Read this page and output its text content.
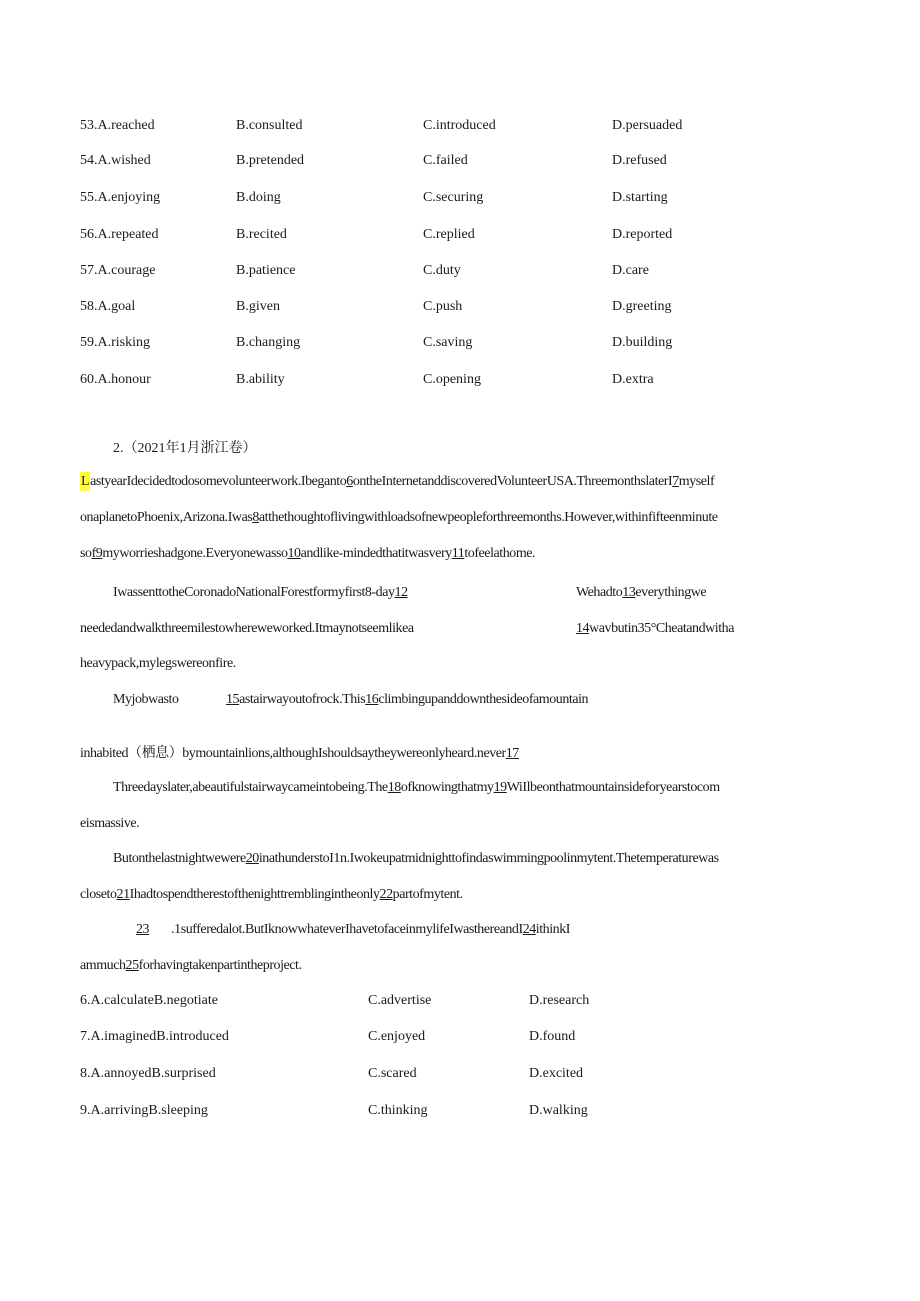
53.A.reached	B.consulted	C.introduced	D.persuaded
54.A.wished	B.pretended	C.failed	D.refused
55.A.enjoying	B.doing	C.securing	D.starting
56.A.repeated	B.recited	C.replied	D.reported
57.A.courage	B.patience	C.duty	D.care
58.A.goal	B.given	C.push	D.greeting
59.A.risking	B.changing	C.saving	D.building
60.A.honour	B.ability	C.opening	D.extra
2.（2021年1月浙江卷）
LastyearIdecidedtodosomevolunteerwork.Ibeganto6ontheInternetanddiscoveredVolunteerUSA.ThreemonthslaterI7myself
onaplanetoPhoenix,Arizona.Iwas8atthethoughtoflivingwithloadsofnewpeopleforthreemonths.However,withinfifteenminute
sof9myworrieshadgone.Everyonewasso10andlike-mindedthatitwasvery11tofeelathome.
IwassenttotheCoronadoNationalForestformyfirst8-day12	Wehadto13everythingwe
neededandwalkthreemilestowhereweworked.Itmaynotseemlikea	14wavbutin35°Cheatandwitha
heavypack,mylegswereonfire.
Myjobwasto	15astairwayoutofrock.This16climbingupanddownthesideofamountain
inhabited（栖息）bymountainlions,althoughIshouldsaytheywereonlyheard.never17
Threedayslater,abeautifulstairwaycameintobeing.The18ofknowingthatmy19WiIlbeonthatmountainsideforyearstocom
eismassive.
Butonthelastnightwewere20inathunderstoI1n.Iwokeupatmidnighttofindaswimmingpoolinmytent.Thetemperaturewas
closeto21Ihadtospendtherestofthenighttremblingintheonly22partofmytent.
23 .1sufferedalot.ButIknowwhateverIhavetofaceinmylifeIwasthereandI24ithinkI
ammuch25forhavingtakenpartintheproject.
6.A.calculateB.negotiate	C.advertise	D.research
7.A.imaginedB.introduced	C.enjoyed	D.found
8.A.annoyedB.surprised	C.scared	D.excited
9.A.arrivingB.sleeping	C.thinking	D.walking
